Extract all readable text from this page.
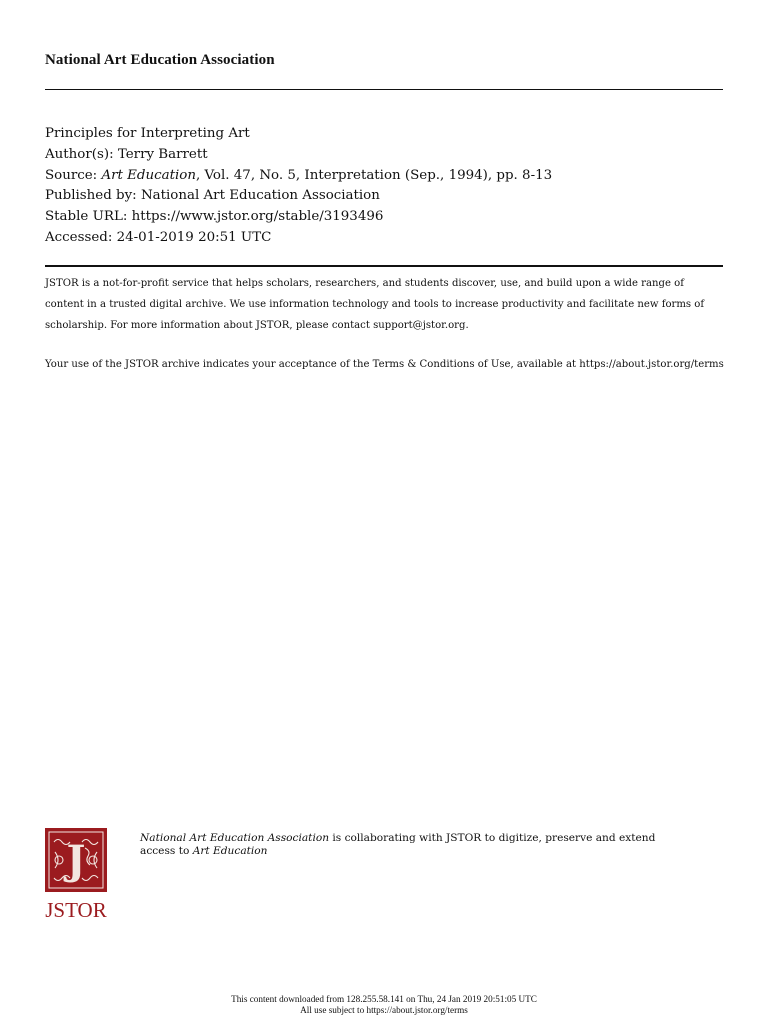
National Art Education Association
Principles for Interpreting Art
Author(s): Terry Barrett
Source: Art Education, Vol. 47, No. 5, Interpretation (Sep., 1994), pp. 8-13
Published by: National Art Education Association
Stable URL: https://www.jstor.org/stable/3193496
Accessed: 24-01-2019 20:51 UTC
JSTOR is a not-for-profit service that helps scholars, researchers, and students discover, use, and build upon a wide range of content in a trusted digital archive. We use information technology and tools to increase productivity and facilitate new forms of scholarship. For more information about JSTOR, please contact support@jstor.org.
Your use of the JSTOR archive indicates your acceptance of the Terms & Conditions of Use, available at https://about.jstor.org/terms
J
JSTOR
National Art Education Association is collaborating with JSTOR to digitize, preserve and extend access to Art Education
This content downloaded from 128.255.58.141 on Thu, 24 Jan 2019 20:51:05 UTC
All use subject to https://about.jstor.org/terms
